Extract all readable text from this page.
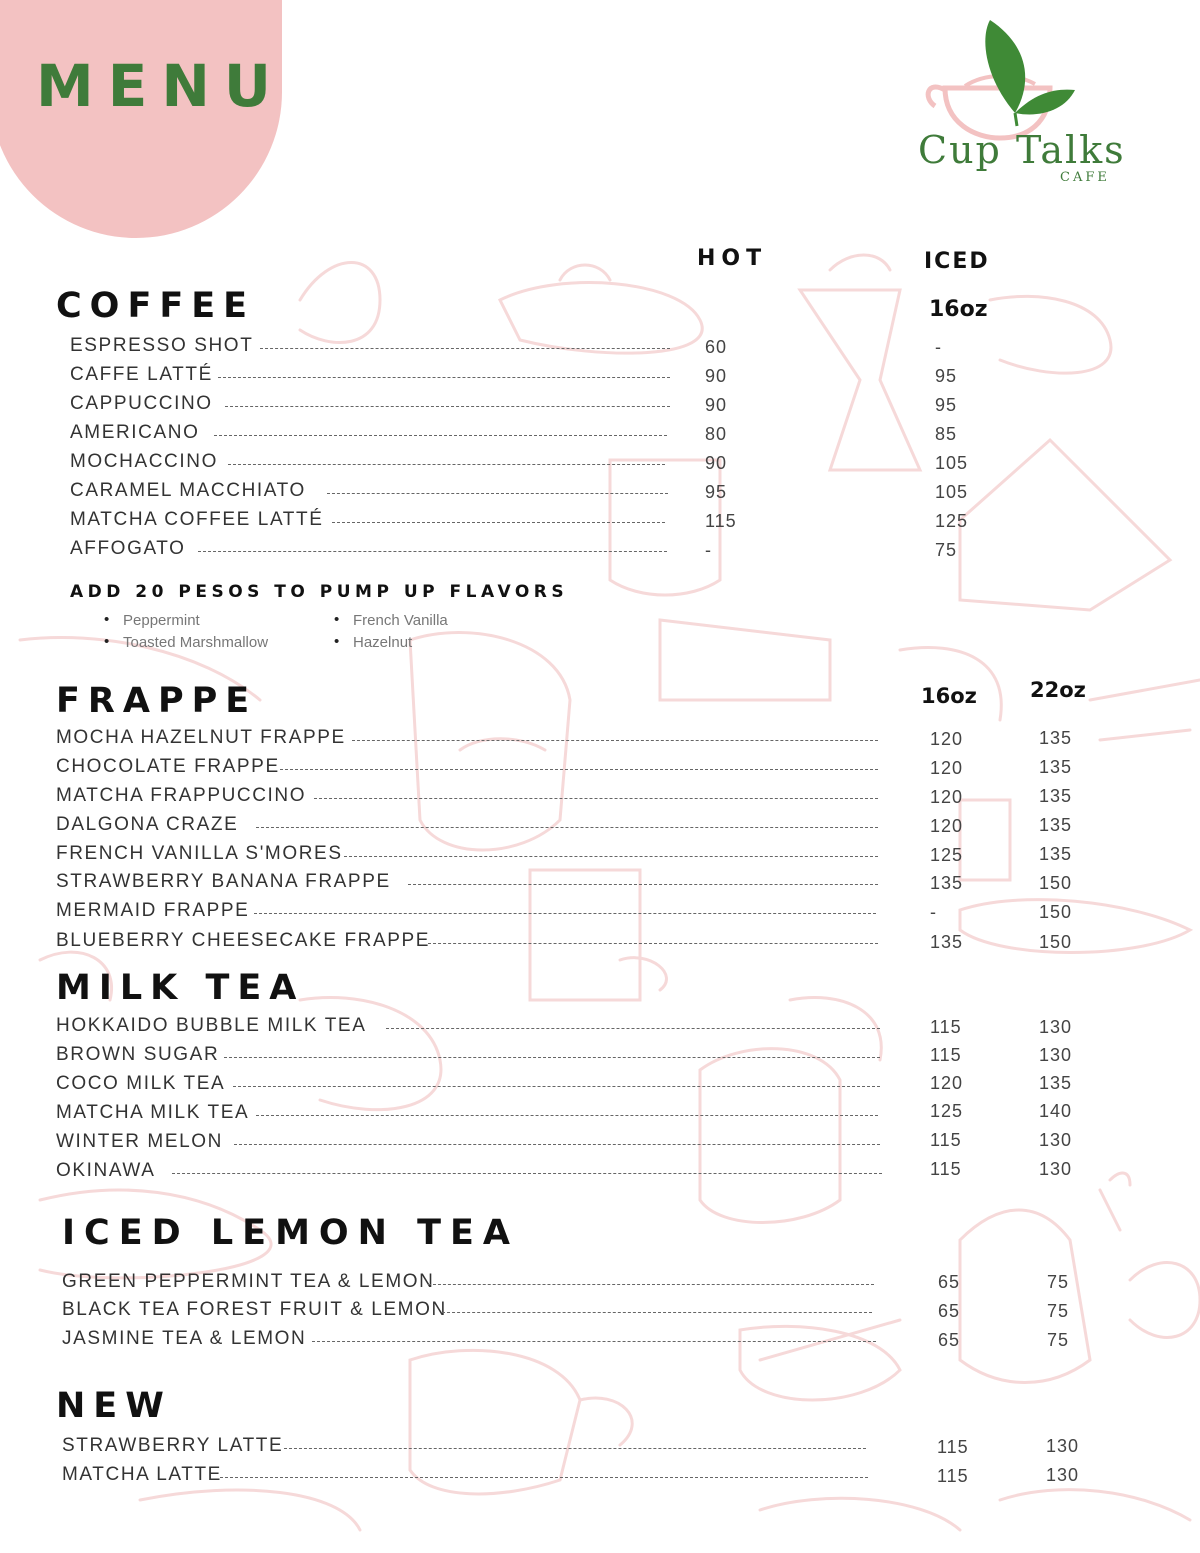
MENU
Cup Talks
CAFE
HOT	ICED
COFFEE	16oz
ESPRESSO SHOT	60	-
CAFFE LATTÉ	90	95
CAPPUCCINO	90	95
AMERICANO	80	85
MOCHACCINO	90	105
CARAMEL MACCHIATO	95	105
MATCHA COFFEE LATTÉ	115	125
AFFOGATO	-	75
ADD 20 PESOS TO PUMP UP FLAVORS
• Peppermint
• Toasted Marshmallow
• French Vanilla
• Hazelnut
FRAPPE	16oz	22oz
MOCHA HAZELNUT FRAPPE	120	135
CHOCOLATE FRAPPE	120	135
MATCHA FRAPPUCCINO	120	135
DALGONA CRAZE	120	135
FRENCH VANILLA S'MORES	125	135
STRAWBERRY BANANA FRAPPE	135	150
MERMAID FRAPPE	-	150
BLUEBERRY CHEESECAKE FRAPPE	135	150
MILK TEA
HOKKAIDO BUBBLE MILK TEA	115	130
BROWN SUGAR	115	130
COCO MILK TEA	120	135
MATCHA MILK TEA	125	140
WINTER MELON	115	130
OKINAWA	115	130
ICED LEMON TEA
GREEN PEPPERMINT TEA & LEMON	65	75
BLACK TEA FOREST FRUIT & LEMON	65	75
JASMINE TEA & LEMON	65	75
NEW
STRAWBERRY LATTE	115	130
MATCHA LATTE	115	130
